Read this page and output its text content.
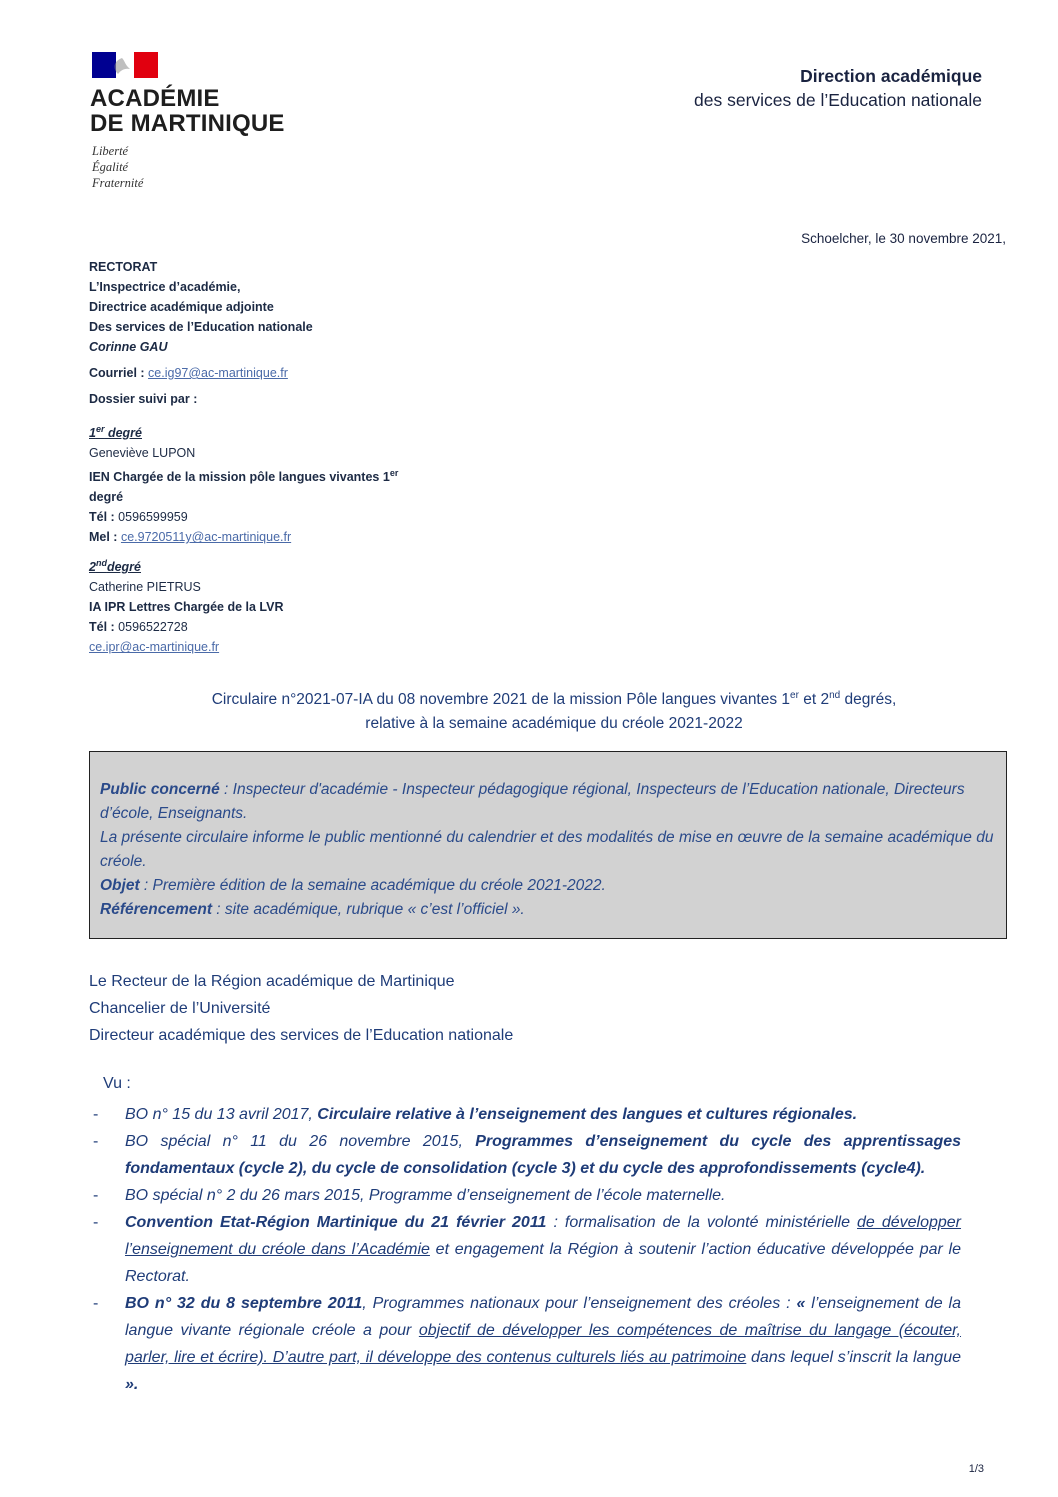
ACADÉMIE
DE MARTINIQUE
Liberté
Égalité
Fraternité
Direction académique
des services de l’Education nationale
Schoelcher, le 30 novembre 2021,
RECTORAT
L’Inspectrice d’académie,
Directrice académique adjointe
Des services de l’Education nationale
Corinne GAU
Courriel : ce.ig97@ac-martinique.fr
Dossier suivi par :
1er degré
Geneviève LUPON
IEN Chargée de la mission pôle langues vivantes 1er
degré
Tél : 0596599959
Mel : ce.9720511y@ac-martinique.fr
2nddegré
Catherine PIETRUS
IA IPR Lettres Chargée de la LVR
Tél : 0596522728
ce.ipr@ac-martinique.fr
Circulaire n°2021-07-IA du 08 novembre 2021 de la mission Pôle langues vivantes 1er et 2nd degrés,
relative à la semaine académique du créole 2021-2022
Public concerné : Inspecteur d'académie - Inspecteur pédagogique régional, Inspecteurs de l’Education nationale, Directeurs d’école, Enseignants.
La présente circulaire informe le public mentionné du calendrier et des modalités de mise en œuvre de la semaine académique du créole.
Objet : Première édition de la semaine académique du créole 2021-2022.
Référencement : site académique, rubrique « c’est l’officiel ».
Le Recteur de la Région académique de Martinique
Chancelier de l’Université
Directeur académique des services de l’Education nationale
Vu :
- BO n° 15 du 13 avril 2017, Circulaire relative à l’enseignement des langues et cultures régionales.
- BO spécial n° 11 du 26 novembre 2015, Programmes d’enseignement du cycle des apprentissages fondamentaux (cycle 2), du cycle de consolidation (cycle 3) et du cycle des approfondissements (cycle4).
- BO spécial n° 2 du 26 mars 2015, Programme d’enseignement de l’école maternelle.
- Convention Etat-Région Martinique du 21 février 2011 : formalisation de la volonté ministérielle de développer l’enseignement du créole dans l’Académie et engagement la Région à soutenir l’action éducative développée par le Rectorat.
- BO n° 32 du 8 septembre 2011, Programmes nationaux pour l’enseignement des créoles : « l’enseignement de la langue vivante régionale créole a pour objectif de développer les compétences de maîtrise du langage (écouter, parler, lire et écrire). D’autre part, il développe des contenus culturels liés au patrimoine dans lequel s’inscrit la langue ».
1/3
